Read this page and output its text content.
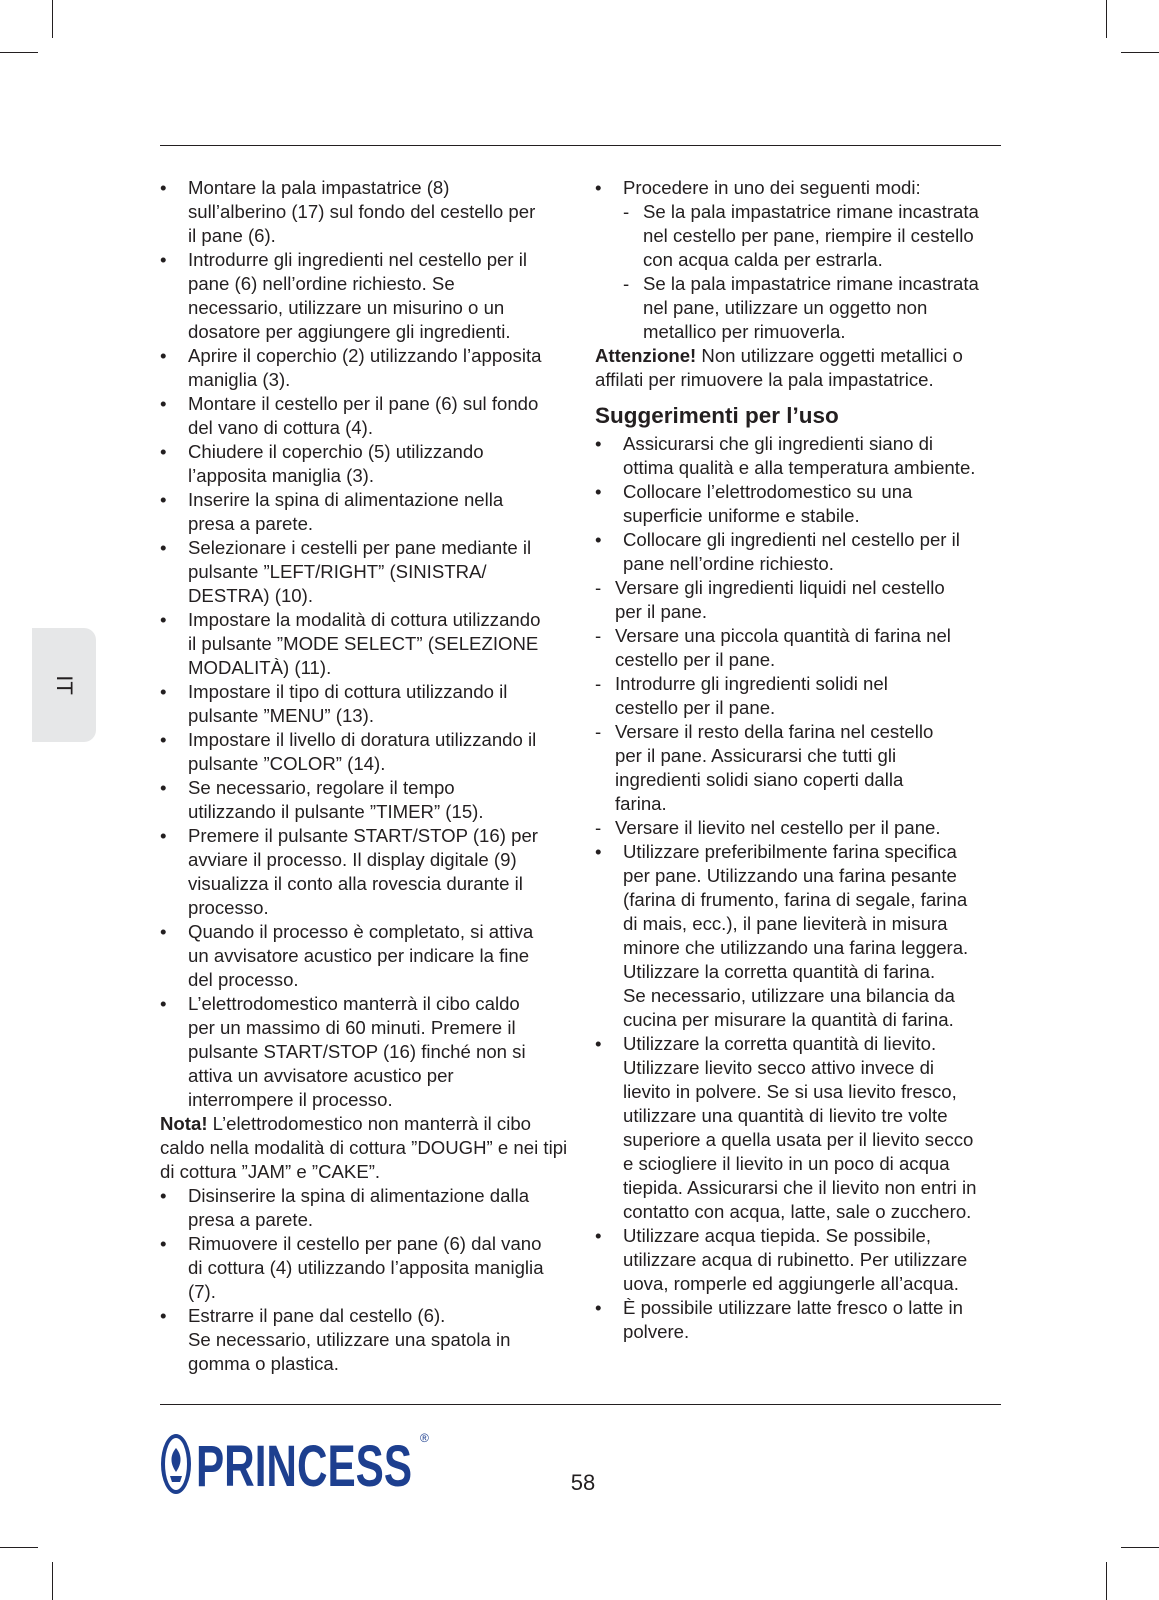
IT
• Montare la pala impastatrice (8)
sull’alberino (17) sul fondo del cestello per
il pane (6).
• Introdurre gli ingredienti nel cestello per il
pane (6) nell’ordine richiesto. Se
necessario, utilizzare un misurino o un
dosatore per aggiungere gli ingredienti.
• Aprire il coperchio (2) utilizzando l’apposita
maniglia (3).
• Montare il cestello per il pane (6) sul fondo
del vano di cottura (4).
• Chiudere il coperchio (5) utilizzando
l’apposita maniglia (3).
• Inserire la spina di alimentazione nella
presa a parete.
• Selezionare i cestelli per pane mediante il
pulsante ”LEFT/RIGHT” (SINISTRA/
DESTRA) (10).
• Impostare la modalità di cottura utilizzando
il pulsante ”MODE SELECT” (SELEZIONE
MODALITÀ) (11).
• Impostare il tipo di cottura utilizzando il
pulsante ”MENU” (13).
• Impostare il livello di doratura utilizzando il
pulsante ”COLOR” (14).
• Se necessario, regolare il tempo
utilizzando il pulsante ”TIMER” (15).
• Premere il pulsante START/STOP (16) per
avviare il processo. Il display digitale (9)
visualizza il conto alla rovescia durante il
processo.
• Quando il processo è completato, si attiva
un avvisatore acustico per indicare la fine
del processo.
• L’elettrodomestico manterrà il cibo caldo
per un massimo di 60 minuti. Premere il
pulsante START/STOP (16) finché non si
attiva un avvisatore acustico per
interrompere il processo.

Nota! L’elettrodomestico non manterrà il cibo caldo nella modalità di cottura ”DOUGH” e nei tipi di cottura ”JAM” e ”CAKE”.

• Disinserire la spina di alimentazione dalla
presa a parete.
• Rimuovere il cestello per pane (6) dal vano
di cottura (4) utilizzando l’apposita maniglia
(7).
• Estrarre il pane dal cestello (6).
Se necessario, utilizzare una spatola in
gomma o plastica.
• Procedere in uno dei seguenti modi:
- Se la pala impastatrice rimane incastrata
nel cestello per pane, riempire il cestello
con acqua calda per estrarla.
- Se la pala impastatrice rimane incastrata
nel pane, utilizzare un oggetto non
metallico per rimuoverla.

Attenzione! Non utilizzare oggetti metallici o affilati per rimuovere la pala impastatrice.

Suggerimenti per l’uso
• Assicurarsi che gli ingredienti siano di
ottima qualità e alla temperatura ambiente.
• Collocare l’elettrodomestico su una
superficie uniforme e stabile.
• Collocare gli ingredienti nel cestello per il
pane nell’ordine richiesto.
- Versare gli ingredienti liquidi nel cestello
per il pane.
- Versare una piccola quantità di farina nel
cestello per il pane.
- Introdurre gli ingredienti solidi nel
cestello per il pane.
- Versare il resto della farina nel cestello
per il pane. Assicurarsi che tutti gli
ingredienti solidi siano coperti dalla
farina.
- Versare il lievito nel cestello per il pane.
• Utilizzare preferibilmente farina specifica
per pane. Utilizzando una farina pesante
(farina di frumento, farina di segale, farina
di mais, ecc.), il pane lieviterà in misura
minore che utilizzando una farina leggera.
Utilizzare la corretta quantità di farina.
Se necessario, utilizzare una bilancia da
cucina per misurare la quantità di farina.
• Utilizzare la corretta quantità di lievito.
Utilizzare lievito secco attivo invece di
lievito in polvere. Se si usa lievito fresco,
utilizzare una quantità di lievito tre volte
superiore a quella usata per il lievito secco
e sciogliere il lievito in un poco di acqua
tiepida. Assicurarsi che il lievito non entri in
contatto con acqua, latte, sale o zucchero.
• Utilizzare acqua tiepida. Se possibile,
utilizzare acqua di rubinetto. Per utilizzare
uova, romperle ed aggiungerle all’acqua.
• È possibile utilizzare latte fresco o latte in
polvere.
PRINCESS ®
58
